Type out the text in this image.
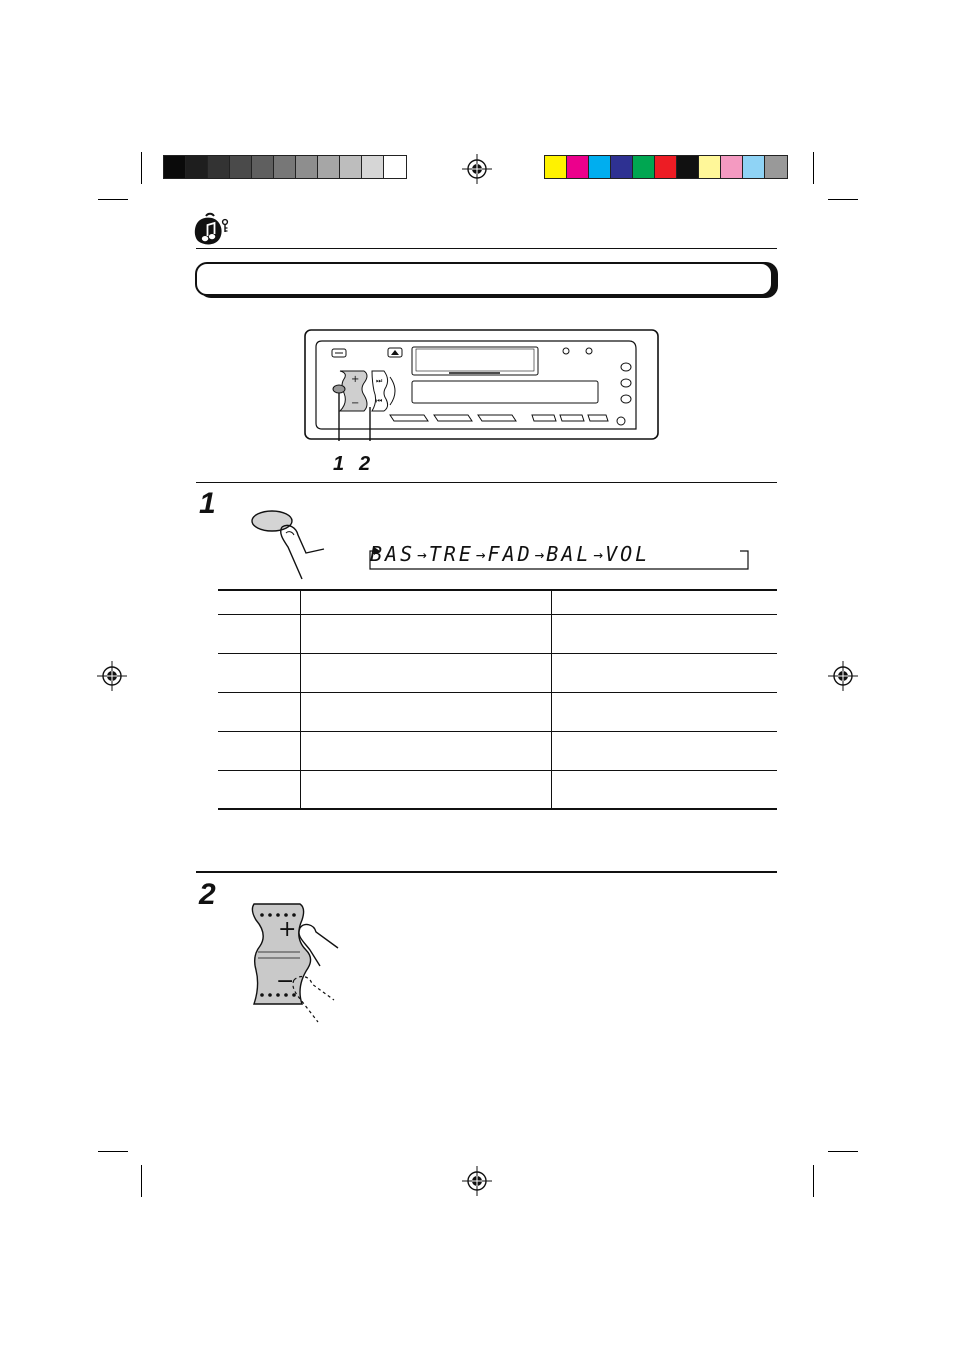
+
−
⏭
⏮
1 2
1
BAS → TRE → FAD → BAL → VOL

2
+
−
